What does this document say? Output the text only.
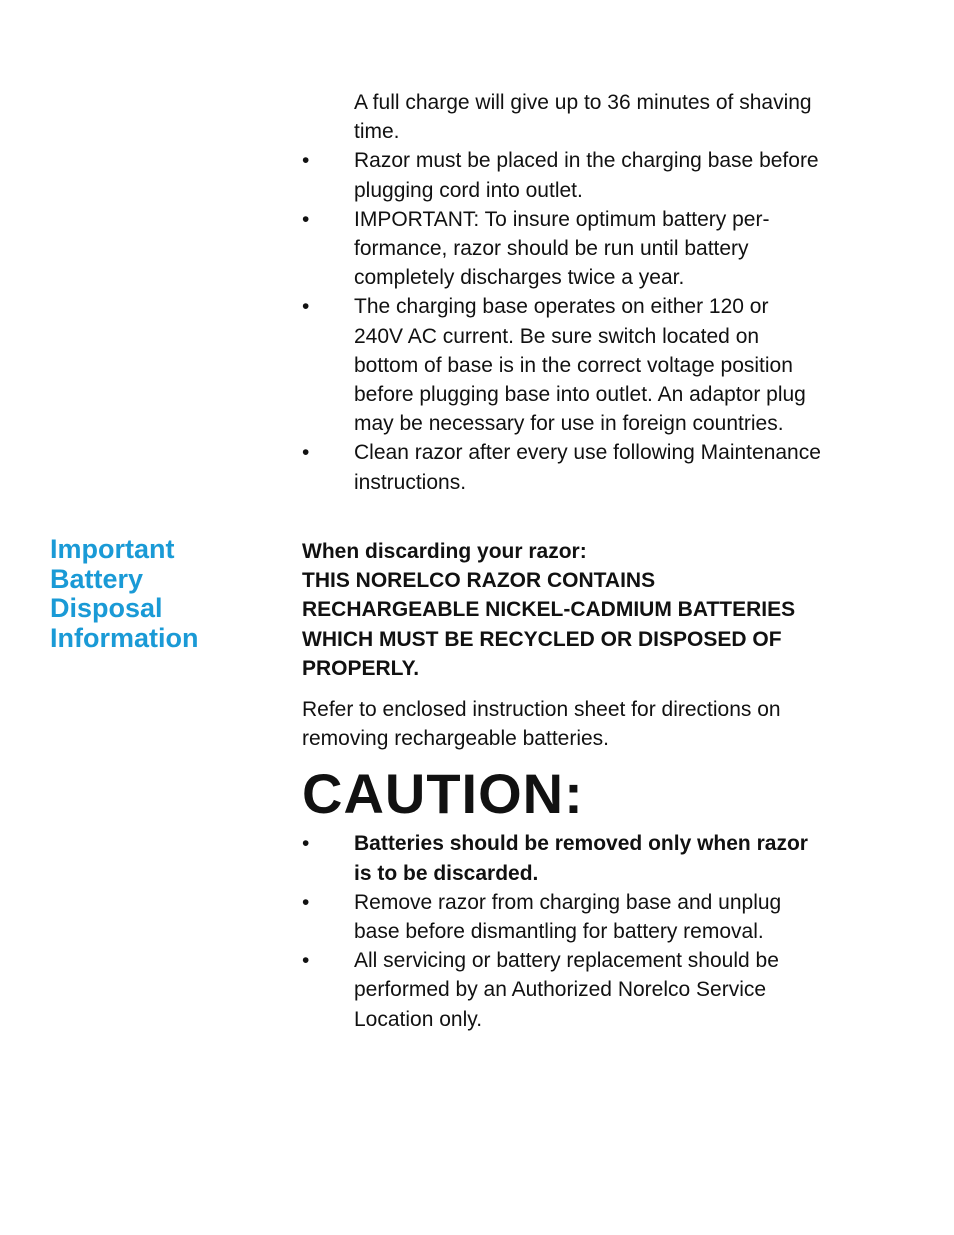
Important
Battery
Disposal
Information

A full charge will give up to 36 minutes of shaving time.

•	Razor must be placed in the charging base before plugging cord into outlet.
•	IMPORTANT: To insure optimum battery per-formance, razor should be run until battery completely discharges twice a year.
•	The charging base operates on either 120 or 240V AC current. Be sure switch located on bottom of base is in the correct voltage position before plugging base into outlet. An adaptor plug may be necessary for use in foreign countries.
•	Clean razor after every use following Maintenance instructions.
When discarding your razor:
THIS NORELCO RAZOR CONTAINS RECHARGEABLE NICKEL-CADMIUM BATTERIES WHICH MUST BE RECYCLED OR DISPOSED OF PROPERLY.
Refer to enclosed instruction sheet for directions on removing rechargeable batteries.
CAUTION:
•	Batteries should be removed only when razor is to be discarded.
•	Remove razor from charging base and unplug base before dismantling for battery removal.
•	All servicing or battery replacement should be performed by an Authorized Norelco Service Location only.
